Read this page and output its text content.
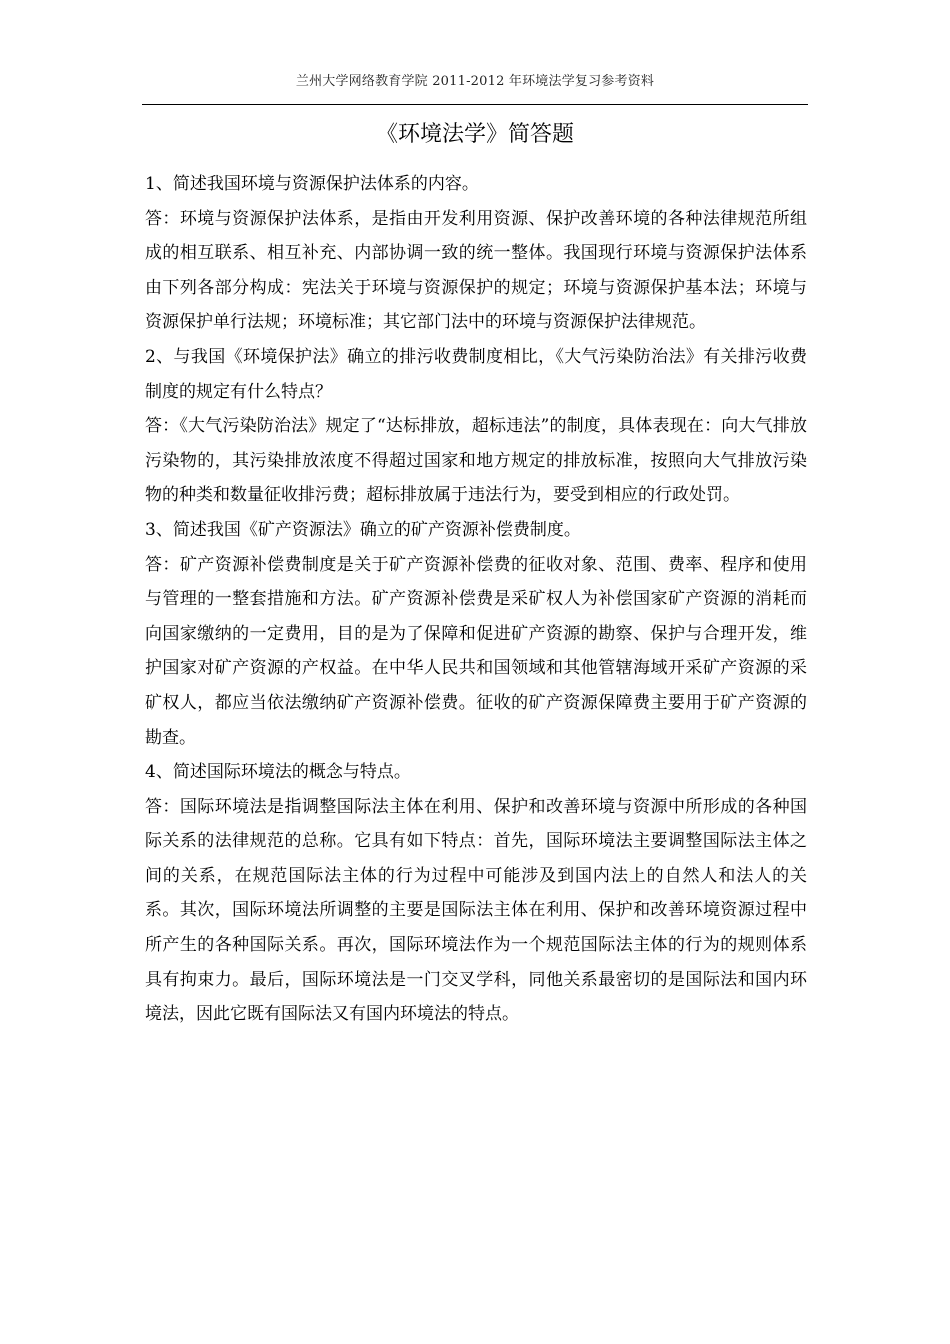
兰州大学网络教育学院 2011-2012 年环境法学复习参考资料
《环境法学》简答题

1、简述我国环境与资源保护法体系的内容。

答：环境与资源保护法体系，是指由开发利用资源、保护改善环境的各种法律规范所组成的相互联系、相互补充、内部协调一致的统一整体。我国现行环境与资源保护法体系由下列各部分构成：宪法关于环境与资源保护的规定；环境与资源保护基本法；环境与资源保护单行法规；环境标准；其它部门法中的环境与资源保护法律规范。

2、与我国《环境保护法》确立的排污收费制度相比，《大气污染防治法》有关排污收费制度的规定有什么特点？

答：《大气污染防治法》规定了“达标排放，超标违法”的制度，具体表现在：向大气排放污染物的，其污染排放浓度不得超过国家和地方规定的排放标准，按照向大气排放污染物的种类和数量征收排污费；超标排放属于违法行为，要受到相应的行政处罚。

3、简述我国《矿产资源法》确立的矿产资源补偿费制度。

答：矿产资源补偿费制度是关于矿产资源补偿费的征收对象、范围、费率、程序和使用与管理的一整套措施和方法。矿产资源补偿费是采矿权人为补偿国家矿产资源的消耗而向国家缴纳的一定费用，目的是为了保障和促进矿产资源的勘察、保护与合理开发，维护国家对矿产资源的产权益。在中华人民共和国领域和其他管辖海域开采矿产资源的采矿权人，都应当依法缴纳矿产资源补偿费。征收的矿产资源保障费主要用于矿产资源的勘查。

4、简述国际环境法的概念与特点。

答：国际环境法是指调整国际法主体在利用、保护和改善环境与资源中所形成的各种国际关系的法律规范的总称。它具有如下特点：首先，国际环境法主要调整国际法主体之间的关系，在规范国际法主体的行为过程中可能涉及到国内法上的自然人和法人的关系。其次，国际环境法所调整的主要是国际法主体在利用、保护和改善环境资源过程中所产生的各种国际关系。再次，国际环境法作为一个规范国际法主体的行为的规则体系具有拘束力。最后，国际环境法是一门交叉学科，同他关系最密切的是国际法和国内环境法，因此它既有国际法又有国内环境法的特点。
